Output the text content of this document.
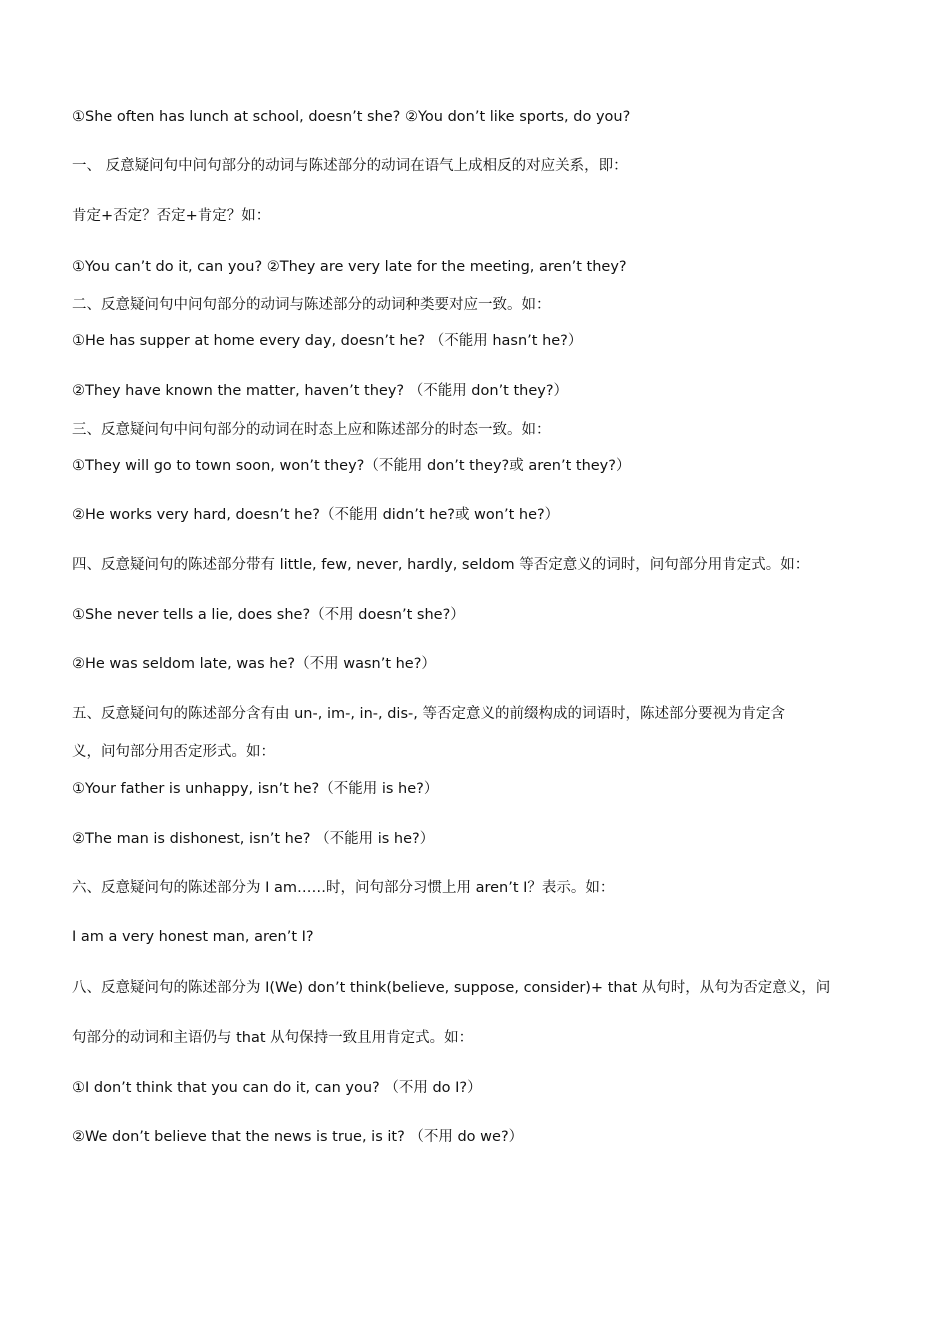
①She often has lunch at school, doesn’t she? ②You don’t like sports, do you?
一、 反意疑问句中问句部分的动词与陈述部分的动词在语气上成相反的对应关系，即：
肯定+否定？否定+肯定？如：
①You can’t do it, can you? ②They are very late for the meeting, aren’t they?
二、反意疑问句中问句部分的动词与陈述部分的动词种类要对应一致。如：
①He has supper at home every day, doesn’t he? （不能用 hasn’t he?）
②They have known the matter, haven’t they? （不能用 don’t they?）
三、反意疑问句中问句部分的动词在时态上应和陈述部分的时态一致。如：
①They will go to town soon, won’t they?（不能用 don’t they?或 aren’t they?）
②He works very hard, doesn’t he?（不能用 didn’t he?或 won’t he?）
四、反意疑问句的陈述部分带有 little, few, never, hardly, seldom 等否定意义的词时，问句部分用肯定式。如：
①She never tells a lie, does she?（不用 doesn’t she?）
②He was seldom late, was he?（不用 wasn’t he?）
五、反意疑问句的陈述部分含有由 un-, im-, in-, dis-, 等否定意义的前缀构成的词语时，陈述部分要视为肯定含
义，问句部分用否定形式。如：
①Your father is unhappy, isn’t he?（不能用 is he?）
②The man is dishonest, isn’t he? （不能用 is he?）
六、反意疑问句的陈述部分为 I am……时，问句部分习惯上用 aren’t I？表示。如：
I am a very honest man, aren’t I?
八、反意疑问句的陈述部分为 I(We) don’t think(believe, suppose, consider)+ that 从句时，从句为否定意义，问
句部分的动词和主语仍与 that 从句保持一致且用肯定式。如：
①I don’t think that you can do it, can you? （不用 do I?）
②We don’t believe that the news is true, is it? （不用 do we?）
